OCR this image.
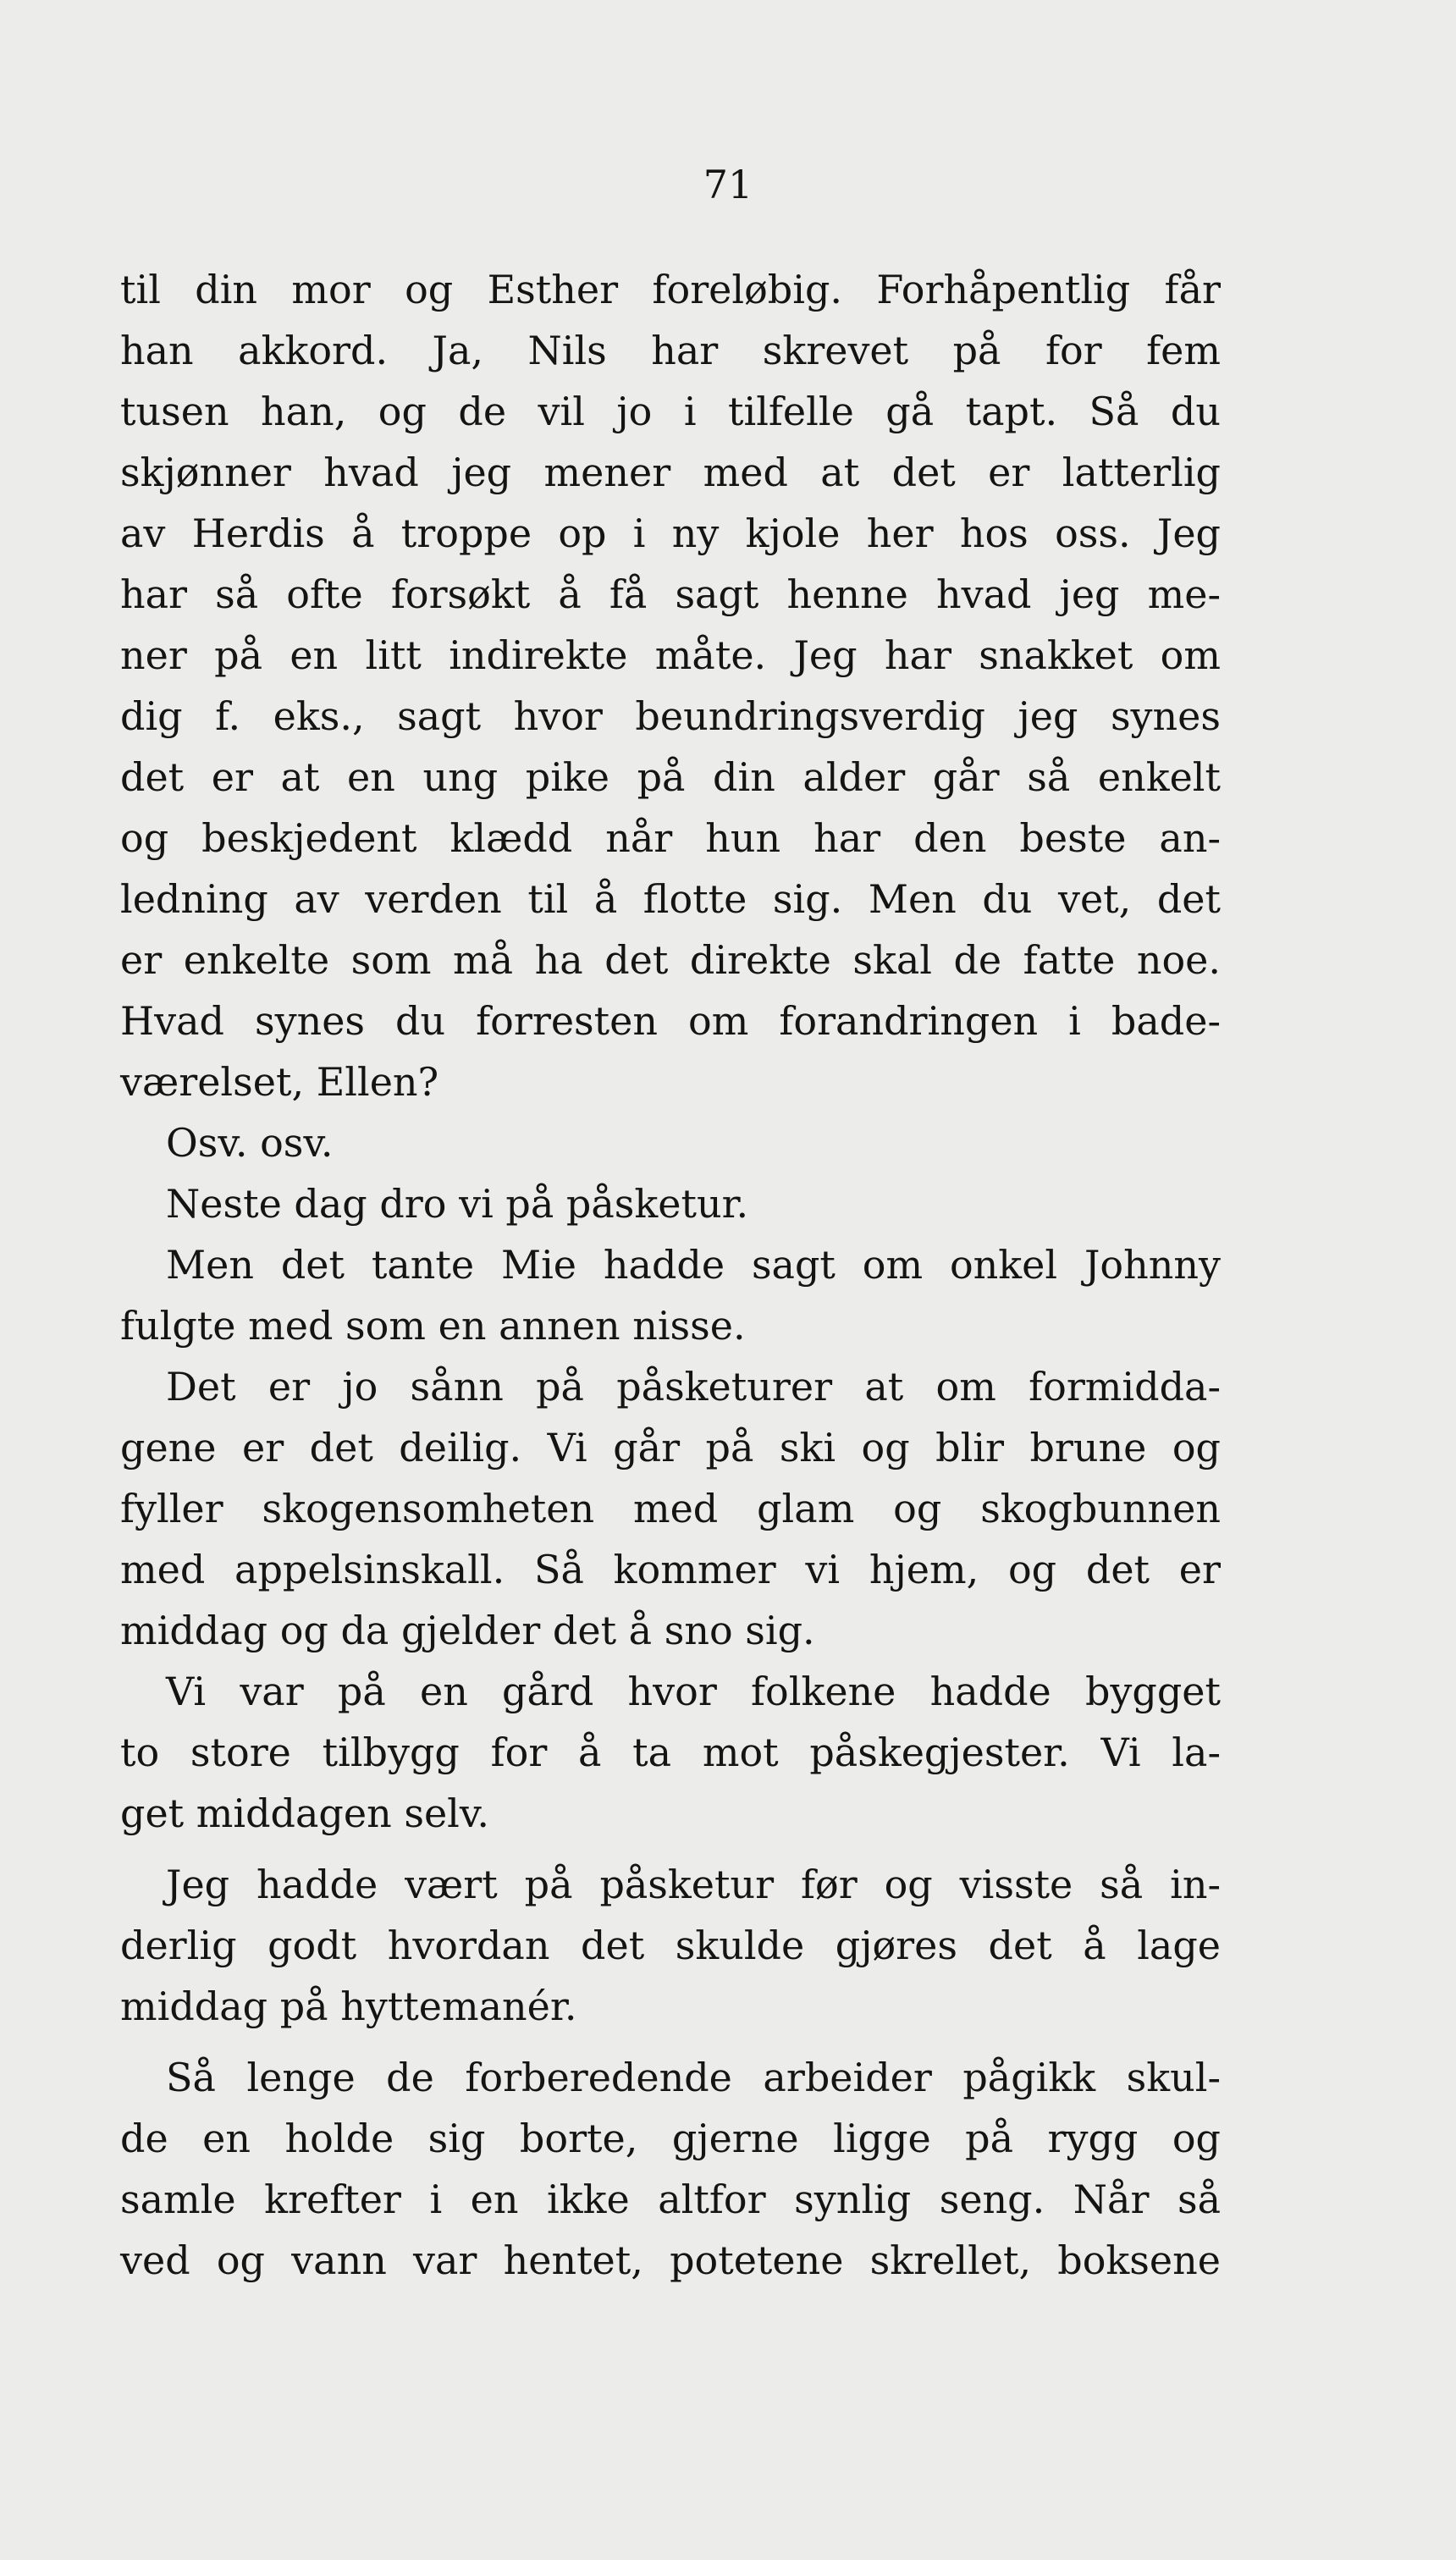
71
til din mor og Esther foreløbig. Forhåpentlig får
han akkord. Ja, Nils har skrevet på for fem
tusen han, og de vil jo i tilfelle gå tapt. Så du
skjønner hvad jeg mener med at det er latterlig
av Herdis å troppe op i ny kjole her hos oss. Jeg
har så ofte forsøkt å få sagt henne hvad jeg me-
ner på en litt indirekte måte. Jeg har snakket om
dig f. eks., sagt hvor beundringsverdig jeg synes
det er at en ung pike på din alder går så enkelt
og beskjedent klædd når hun har den beste an-
ledning av verden til å flotte sig. Men du vet, det
er enkelte som må ha det direkte skal de fatte noe.
Hvad synes du forresten om forandringen i bade-
værelset, Ellen?
Osv. osv.
Neste dag dro vi på påsketur.
Men det tante Mie hadde sagt om onkel Johnny
fulgte med som en annen nisse.
Det er jo sånn på påsketurer at om formidda-
gene er det deilig. Vi går på ski og blir brune og
fyller skogensomheten med glam og skogbunnen
med appelsinskall. Så kommer vi hjem, og det er
middag og da gjelder det å sno sig.
Vi var på en gård hvor folkene hadde bygget
to store tilbygg for å ta mot påskegjester. Vi la-
get middagen selv.
Jeg hadde vært på påsketur før og visste så in-
derlig godt hvordan det skulde gjøres det å lage
middag på hyttemanér.
Så lenge de forberedende arbeider pågikk skul-
de en holde sig borte, gjerne ligge på rygg og
samle krefter i en ikke altfor synlig seng. Når så
ved og vann var hentet, potetene skrellet, boksene
